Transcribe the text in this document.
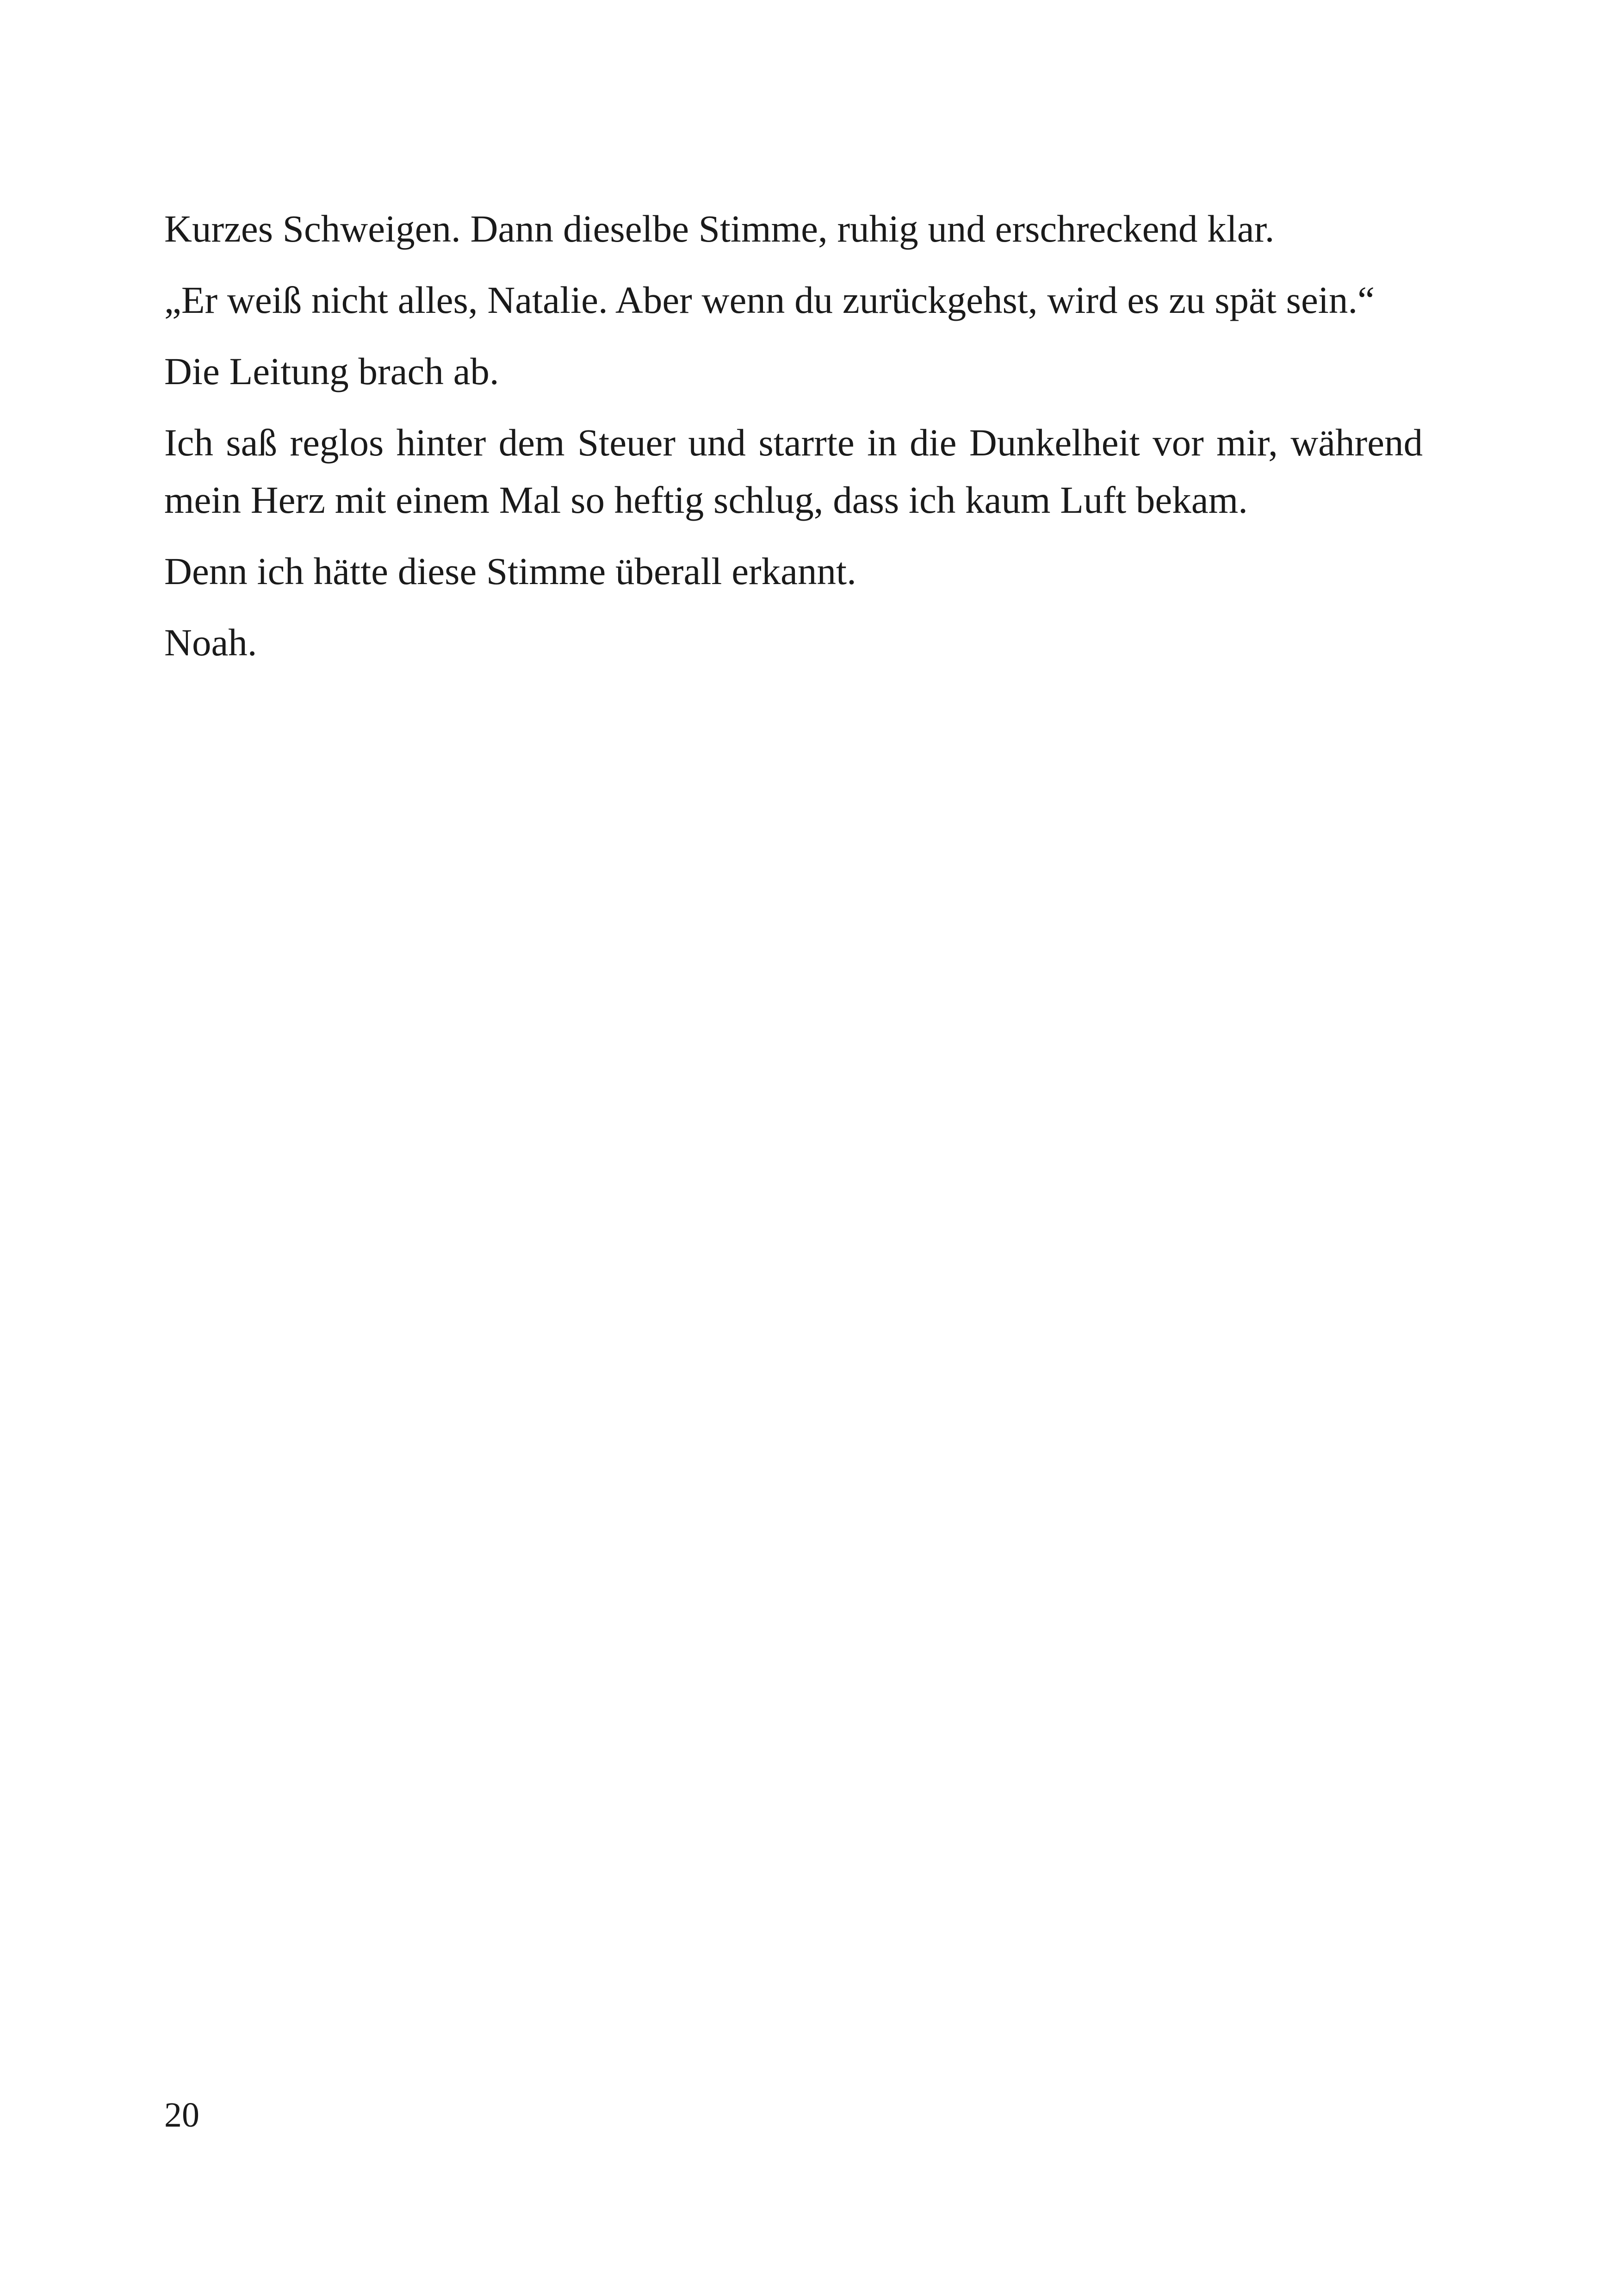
Kurzes Schweigen. Dann dieselbe Stimme, ruhig und erschreckend klar.

„Er weiß nicht alles, Natalie. Aber wenn du zurückgehst, wird es zu spät sein.“

Die Leitung brach ab.

Ich saß reglos hinter dem Steuer und starrte in die Dunkelheit vor mir, während mein Herz mit einem Mal so heftig schlug, dass ich kaum Luft bekam.

Denn ich hätte diese Stimme überall erkannt.

Noah.

20
